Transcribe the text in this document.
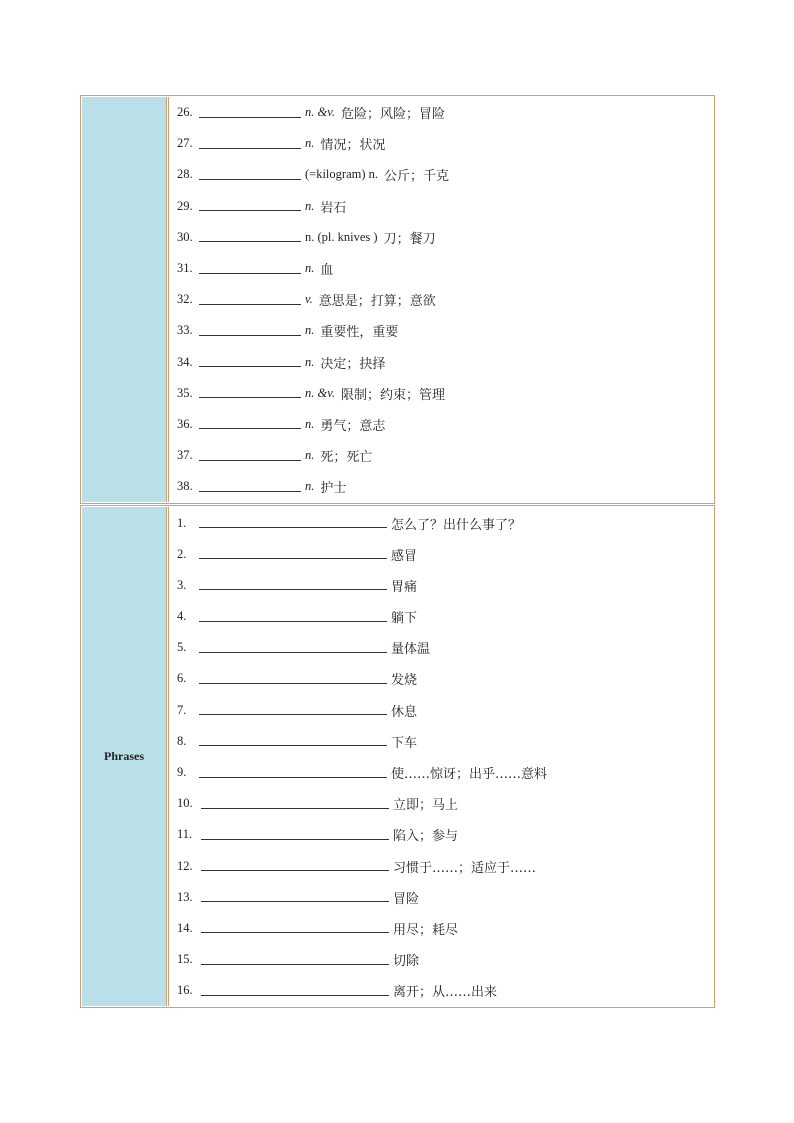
26.	n. &v. 危险；风险；冒险
27.	n. 情况；状况
28.	(=kilogram) n. 公斤；千克
29.	n. 岩石
30.	n. (pl. knives ) 刀；餐刀
31.	n. 血
32.	v. 意思是；打算；意欲
33.	n. 重要性，重要
34.	n. 决定；抉择
35.	n. &v. 限制；约束；管理
36.	n. 勇气；意志
37.	n. 死；死亡
38.	n. 护士
Phrases
1.	怎么了？出什么事了？
2.	感冒
3.	胃痛
4.	躺下
5.	量体温
6.	发烧
7.	休息
8.	下车
9.	使……惊讶；出乎……意料
10.	立即；马上
11.	陷入；参与
12.	习惯于……；适应于……
13.	冒险
14.	用尽；耗尽
15.	切除
16.	离开；从……出来
